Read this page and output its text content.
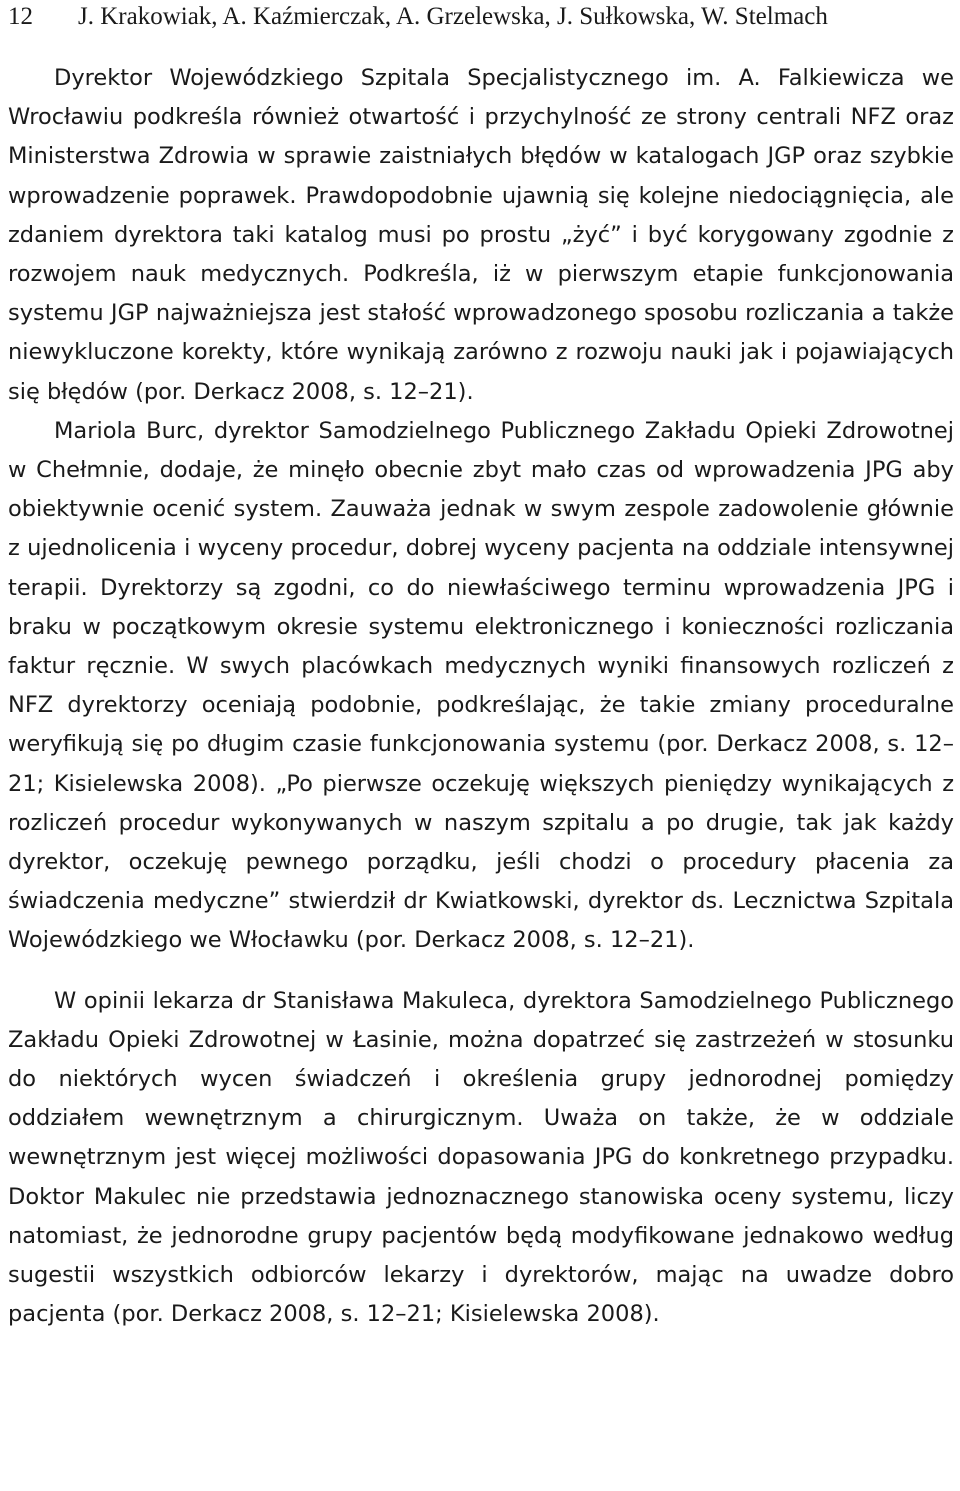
12 J. Krakowiak, A. Kaźmierczak, A. Grzelewska, J. Sułkowska, W. Stelmach

Dyrektor Wojewódzkiego Szpitala Specjalistycznego im. A. Falkiewicza we Wrocławiu podkreśla również otwartość i przychylność ze strony centrali NFZ oraz Ministerstwa Zdrowia w sprawie zaistniałych błędów w katalogach JGP oraz szybkie wprowadzenie poprawek. Prawdopodobnie ujawnią się kolejne niedociągnięcia, ale zdaniem dyrektora taki katalog musi po prostu „żyć” i być korygowany zgodnie z rozwojem nauk medycznych. Podkreśla, iż w pierwszym etapie funkcjonowania systemu JGP najważniejsza jest stałość wprowadzonego sposobu rozliczania a także niewykluczone korekty, które wynikają zarówno z rozwoju nauki jak i pojawiających się błędów (por. Derkacz 2008, s. 12–21).

Mariola Burc, dyrektor Samodzielnego Publicznego Zakładu Opieki Zdrowotnej w Chełmnie, dodaje, że minęło obecnie zbyt mało czas od wprowadzenia JPG aby obiektywnie ocenić system. Zauważa jednak w swym zespole zadowolenie głównie z ujednolicenia i wyceny procedur, dobrej wyceny pacjenta na oddziale intensywnej terapii. Dyrektorzy są zgodni, co do niewłaściwego terminu wprowadzenia JPG i braku w początkowym okresie systemu elektronicznego i konieczności rozliczania faktur ręcznie. W swych placówkach medycznych wyniki finansowych rozliczeń z NFZ dyrektorzy oceniają podobnie, podkreślając, że takie zmiany proceduralne weryfikują się po długim czasie funkcjonowania systemu (por. Derkacz 2008, s. 12–21; Kisielewska 2008). „Po pierwsze oczekuję większych pieniędzy wynikających z rozliczeń procedur wykonywanych w naszym szpitalu a po drugie, tak jak każdy dyrektor, oczekuję pewnego porządku, jeśli chodzi o procedury płacenia za świadczenia medyczne” stwierdził dr Kwiatkowski, dyrektor ds. Lecznictwa Szpitala Wojewódzkiego we Włocławku (por. Derkacz 2008, s. 12–21).

W opinii lekarza dr Stanisława Makuleca, dyrektora Samodzielnego Publicznego Zakładu Opieki Zdrowotnej w Łasinie, można dopatrzeć się zastrzeżeń w stosunku do niektórych wycen świadczeń i określenia grupy jednorodnej pomiędzy oddziałem wewnętrznym a chirurgicznym. Uważa on także, że w oddziale wewnętrznym jest więcej możliwości dopasowania JPG do konkretnego przypadku. Doktor Makulec nie przedstawia jednoznacznego stanowiska oceny systemu, liczy natomiast, że jednorodne grupy pacjentów będą modyfikowane jednakowo według sugestii wszystkich odbiorców lekarzy i dyrektorów, mając na uwadze dobro pacjenta (por. Derkacz 2008, s. 12–21; Kisielewska 2008).
